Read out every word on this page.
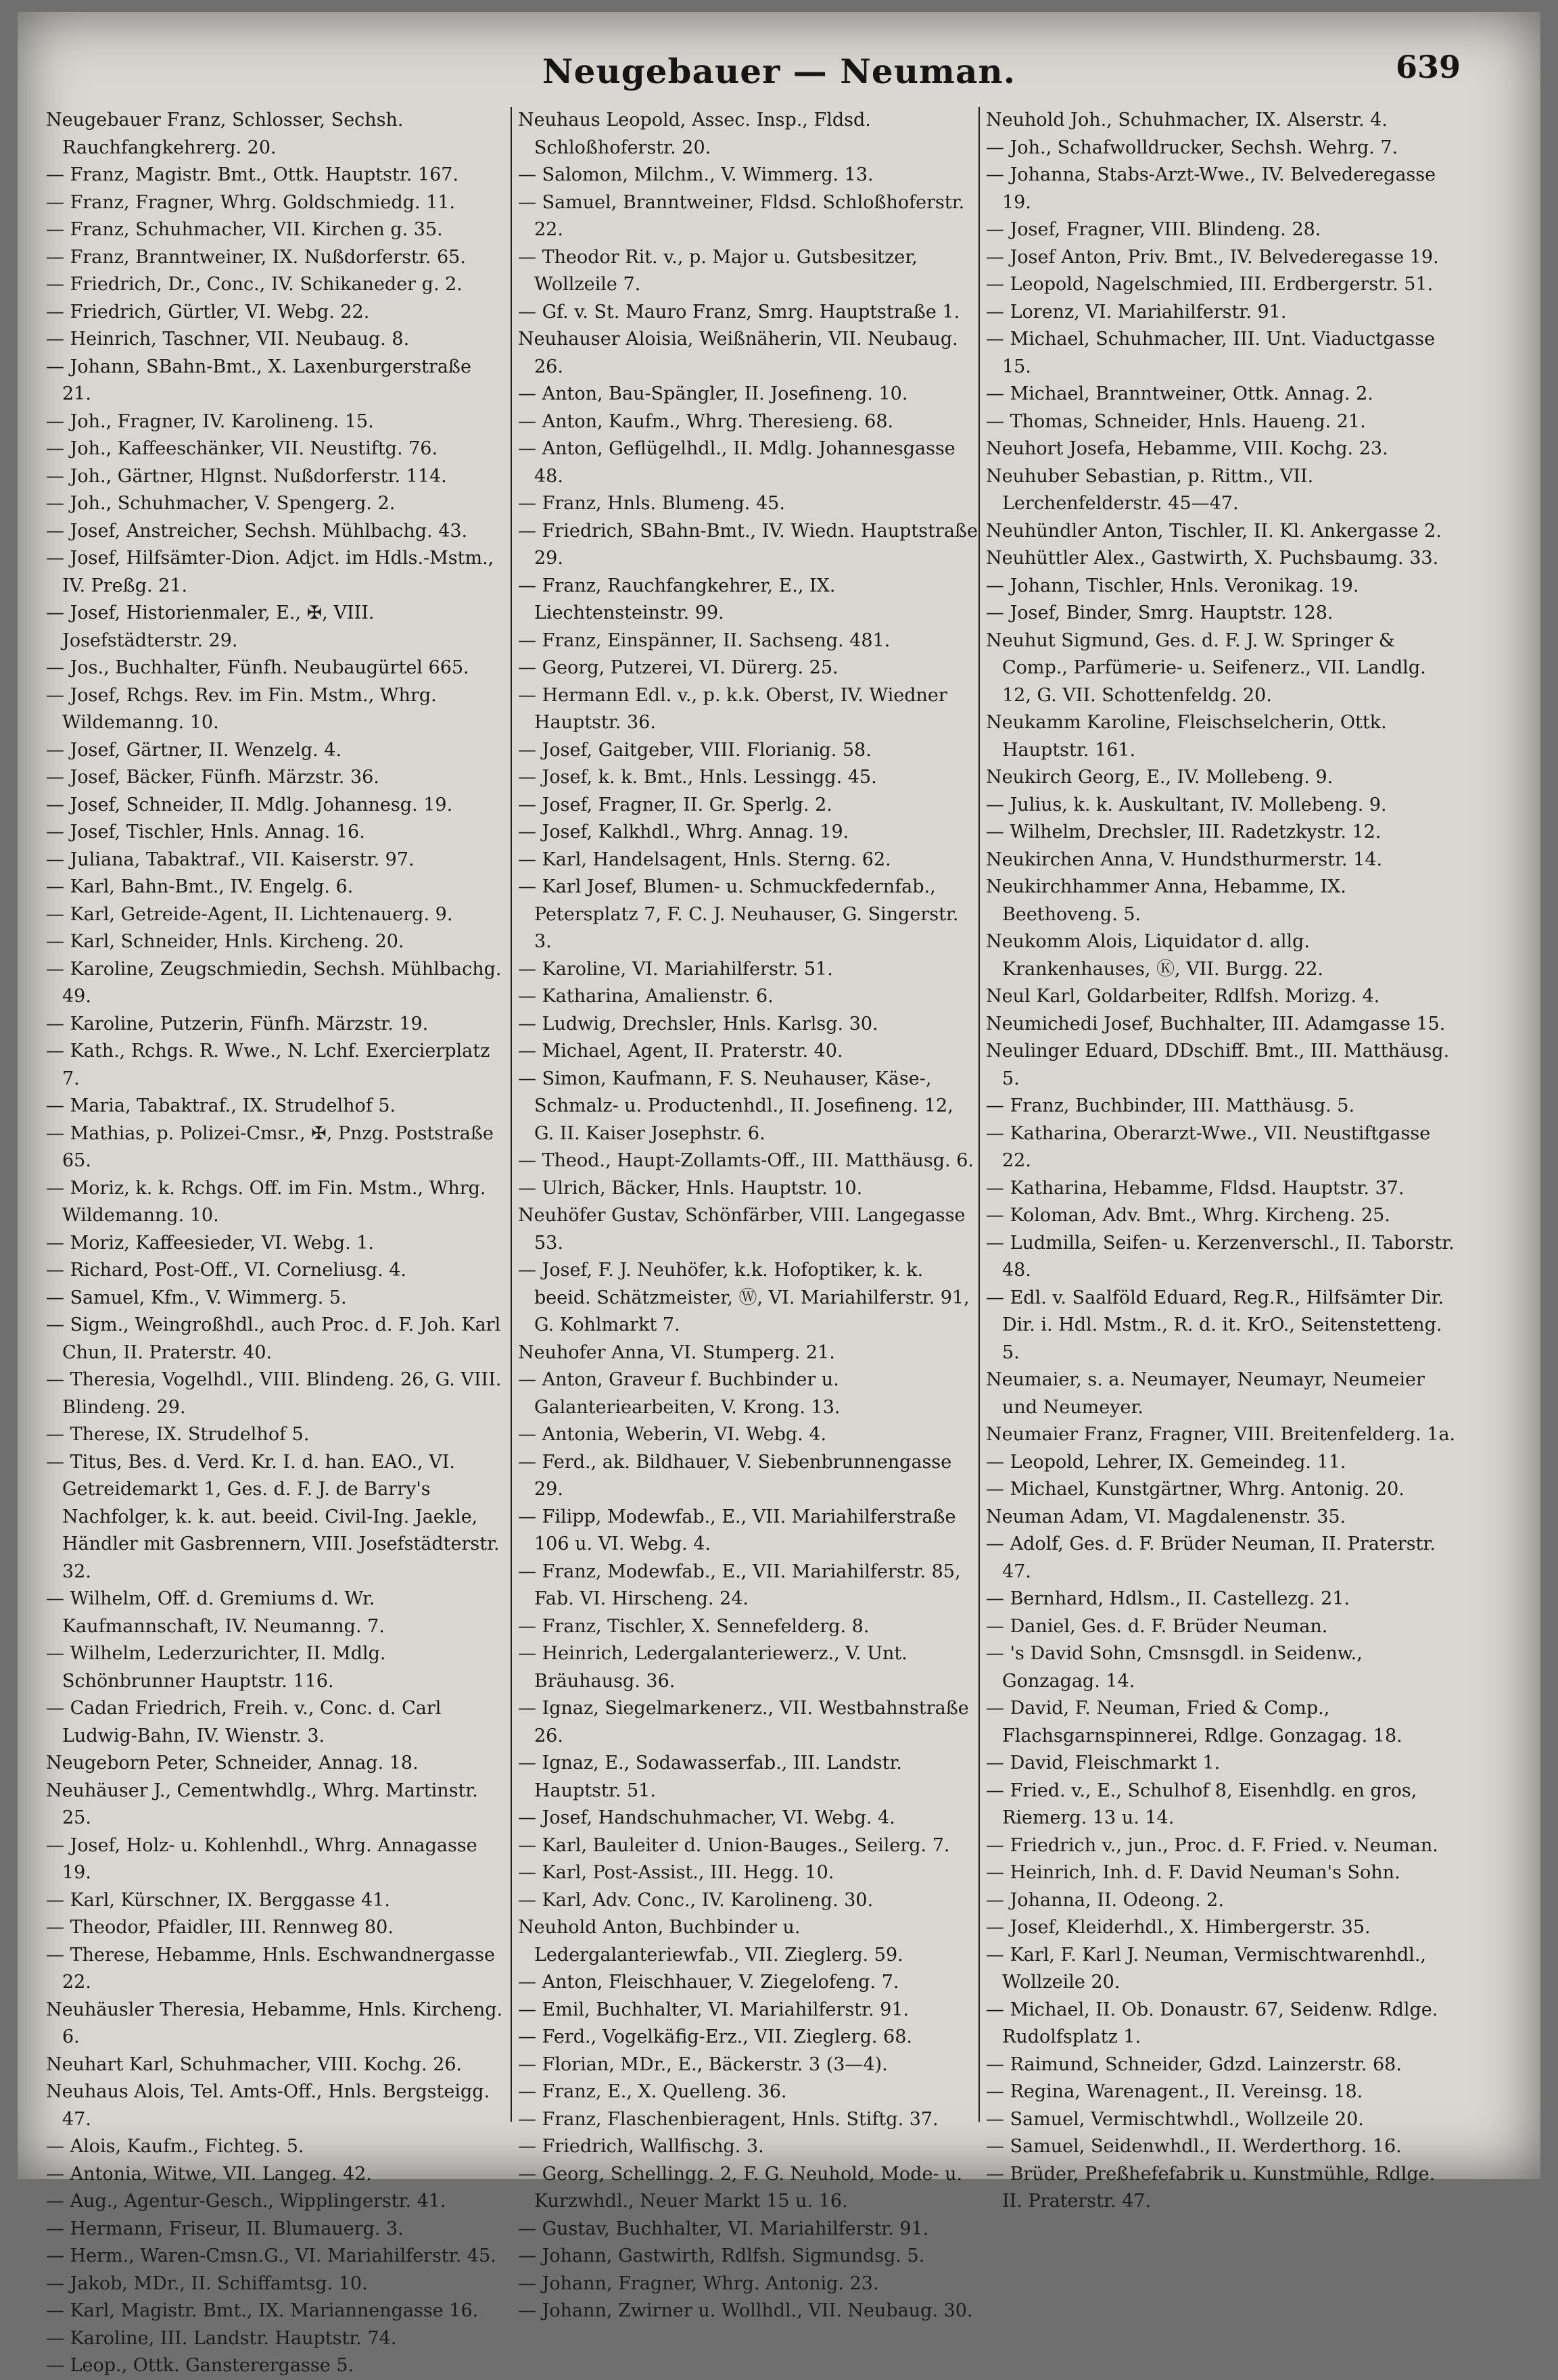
Neugebauer — Neuman.	639

Neugebauer Franz, Schlosser, Sechsh. Rauchfangkehrerg. 20.

— Franz, Magistr. Bmt., Ottk. Hauptstr. 167.

— Franz, Fragner, Whrg. Goldschmiedg. 11.

— Franz, Schuhmacher, VII. Kirchen g. 35.

— Franz, Branntweiner, IX. Nußdorferstr. 65.

— Friedrich, Dr., Conc., IV. Schikaneder g. 2.

— Friedrich, Gürtler, VI. Webg. 22.

— Heinrich, Taschner, VII. Neubaug. 8.

— Johann, SBahn-Bmt., X. Laxenburgerstraße 21.

— Joh., Fragner, IV. Karolineng. 15.

— Joh., Kaffeeschänker, VII. Neustiftg. 76.

— Joh., Gärtner, Hlgnst. Nußdorferstr. 114.

— Joh., Schuhmacher, V. Spengerg. 2.

— Josef, Anstreicher, Sechsh. Mühlbachg. 43.

— Josef, Hilfsämter-Dion. Adjct. im Hdls.-Mstm., IV. Preßg. 21.

— Josef, Historienmaler, E., ✠, VIII. Josefstädterstr. 29.

— Jos., Buchhalter, Fünfh. Neubaugürtel 665.

— Josef, Rchgs. Rev. im Fin. Mstm., Whrg. Wildemanng. 10.

— Josef, Gärtner, II. Wenzelg. 4.

— Josef, Bäcker, Fünfh. Märzstr. 36.

— Josef, Schneider, II. Mdlg. Johannesg. 19.

— Josef, Tischler, Hnls. Annag. 16.

— Juliana, Tabaktraf., VII. Kaiserstr. 97.

— Karl, Bahn-Bmt., IV. Engelg. 6.

— Karl, Getreide-Agent, II. Lichtenauerg. 9.

— Karl, Schneider, Hnls. Kircheng. 20.

— Karoline, Zeugschmiedin, Sechsh. Mühlbachg. 49.

— Karoline, Putzerin, Fünfh. Märzstr. 19.

— Kath., Rchgs. R. Wwe., N. Lchf. Exercierplatz 7.

— Maria, Tabaktraf., IX. Strudelhof 5.

— Mathias, p. Polizei-Cmsr., ✠, Pnzg. Poststraße 65.

— Moriz, k. k. Rchgs. Off. im Fin. Mstm., Whrg. Wildemanng. 10.

— Moriz, Kaffeesieder, VI. Webg. 1.

— Richard, Post-Off., VI. Corneliusg. 4.

— Samuel, Kfm., V. Wimmerg. 5.

— Sigm., Weingroßhdl., auch Proc. d. F. Joh. Karl Chun, II. Praterstr. 40.

— Theresia, Vogelhdl., VIII. Blindeng. 26, G. VIII. Blindeng. 29.

— Therese, IX. Strudelhof 5.

— Titus, Bes. d. Verd. Kr. I. d. han. EAO., VI. Getreidemarkt 1, Ges. d. F. J. de Barry's Nachfolger, k. k. aut. beeid. Civil-Ing. Jaekle, Händler mit Gasbrennern, VIII. Josefstädterstr. 32.

— Wilhelm, Off. d. Gremiums d. Wr. Kaufmannschaft, IV. Neumanng. 7.

— Wilhelm, Lederzurichter, II. Mdlg. Schönbrunner Hauptstr. 116.

— Cadan Friedrich, Freih. v., Conc. d. Carl Ludwig-Bahn, IV. Wienstr. 3.

Neugeborn Peter, Schneider, Annag. 18.

Neuhäuser J., Cementwhdlg., Whrg. Martinstr. 25.

— Josef, Holz- u. Kohlenhdl., Whrg. Annagasse 19.

— Karl, Kürschner, IX. Berggasse 41.

— Theodor, Pfaidler, III. Rennweg 80.

— Therese, Hebamme, Hnls. Eschwandnergasse 22.

Neuhäusler Theresia, Hebamme, Hnls. Kircheng. 6.

Neuhart Karl, Schuhmacher, VIII. Kochg. 26.

Neuhaus Alois, Tel. Amts-Off., Hnls. Bergsteigg. 47.

— Alois, Kaufm., Fichteg. 5.

— Antonia, Witwe, VII. Langeg. 42.

— Aug., Agentur-Gesch., Wipplingerstr. 41.

— Hermann, Friseur, II. Blumauerg. 3.

— Herm., Waren-Cmsn.G., VI. Mariahilferstr. 45.

— Jakob, MDr., II. Schiffamtsg. 10.

— Karl, Magistr. Bmt., IX. Mariannengasse 16.

— Karoline, III. Landstr. Hauptstr. 74.

— Leop., Ottk. Gansterergasse 5.

Neuhaus Leopold, Assec. Insp., Fldsd. Schloßhoferstr. 20.

— Salomon, Milchm., V. Wimmerg. 13.

— Samuel, Branntweiner, Fldsd. Schloßhoferstr. 22.

— Theodor Rit. v., p. Major u. Gutsbesitzer, Wollzeile 7.

— Gf. v. St. Mauro Franz, Smrg. Hauptstraße 1.

Neuhauser Aloisia, Weißnäherin, VII. Neubaug. 26.

— Anton, Bau-Spängler, II. Josefineng. 10.

— Anton, Kaufm., Whrg. Theresieng. 68.

— Anton, Geflügelhdl., II. Mdlg. Johannesgasse 48.

— Franz, Hnls. Blumeng. 45.

— Friedrich, SBahn-Bmt., IV. Wiedn. Hauptstraße 29.

— Franz, Rauchfangkehrer, E., IX. Liechtensteinstr. 99.

— Franz, Einspänner, II. Sachseng. 481.

— Georg, Putzerei, VI. Dürerg. 25.

— Hermann Edl. v., p. k.k. Oberst, IV. Wiedner Hauptstr. 36.

— Josef, Gaitgeber, VIII. Florianig. 58.

— Josef, k. k. Bmt., Hnls. Lessingg. 45.

— Josef, Fragner, II. Gr. Sperlg. 2.

— Josef, Kalkhdl., Whrg. Annag. 19.

— Karl, Handelsagent, Hnls. Sterng. 62.

— Karl Josef, Blumen- u. Schmuckfedernfab., Petersplatz 7, F. C. J. Neuhauser, G. Singerstr. 3.

— Karoline, VI. Mariahilferstr. 51.

— Katharina, Amalienstr. 6.

— Ludwig, Drechsler, Hnls. Karlsg. 30.

— Michael, Agent, II. Praterstr. 40.

— Simon, Kaufmann, F. S. Neuhauser, Käse-, Schmalz- u. Productenhdl., II. Josefineng. 12, G. II. Kaiser Josephstr. 6.

— Theod., Haupt-Zollamts-Off., III. Matthäusg. 6.

— Ulrich, Bäcker, Hnls. Hauptstr. 10.

Neuhöfer Gustav, Schönfärber, VIII. Langegasse 53.

— Josef, F. J. Neuhöfer, k.k. Hofoptiker, k. k. beeid. Schätzmeister, Ⓦ, VI. Mariahilferstr. 91, G. Kohlmarkt 7.

Neuhofer Anna, VI. Stumperg. 21.

— Anton, Graveur f. Buchbinder u. Galanteriearbeiten, V. Krong. 13.

— Antonia, Weberin, VI. Webg. 4.

— Ferd., ak. Bildhauer, V. Siebenbrunnengasse 29.

— Filipp, Modewfab., E., VII. Mariahilferstraße 106 u. VI. Webg. 4.

— Franz, Modewfab., E., VII. Mariahilferstr. 85, Fab. VI. Hirscheng. 24.

— Franz, Tischler, X. Sennefelderg. 8.

— Heinrich, Ledergalanteriewerz., V. Unt. Bräuhausg. 36.

— Ignaz, Siegelmarkenerz., VII. Westbahnstraße 26.

— Ignaz, E., Sodawasserfab., III. Landstr. Hauptstr. 51.

— Josef, Handschuhmacher, VI. Webg. 4.

— Karl, Bauleiter d. Union-Bauges., Seilerg. 7.

— Karl, Post-Assist., III. Hegg. 10.

— Karl, Adv. Conc., IV. Karolineng. 30.

Neuhold Anton, Buchbinder u. Ledergalanteriewfab., VII. Zieglerg. 59.

— Anton, Fleischhauer, V. Ziegelofeng. 7.

— Emil, Buchhalter, VI. Mariahilferstr. 91.

— Ferd., Vogelkäfig-Erz., VII. Zieglerg. 68.

— Florian, MDr., E., Bäckerstr. 3 (3—4).

— Franz, E., X. Quelleng. 36.

— Franz, Flaschenbieragent, Hnls. Stiftg. 37.

— Friedrich, Wallfischg. 3.

— Georg, Schellingg. 2, F. G. Neuhold, Mode- u. Kurzwhdl., Neuer Markt 15 u. 16.

— Gustav, Buchhalter, VI. Mariahilferstr. 91.

— Johann, Gastwirth, Rdlfsh. Sigmundsg. 5.

— Johann, Fragner, Whrg. Antonig. 23.

— Johann, Zwirner u. Wollhdl., VII. Neubaug. 30.

Neuhold Joh., Schuhmacher, IX. Alserstr. 4.

— Joh., Schafwolldrucker, Sechsh. Wehrg. 7.

— Johanna, Stabs-Arzt-Wwe., IV. Belvederegasse 19.

— Josef, Fragner, VIII. Blindeng. 28.

— Josef Anton, Priv. Bmt., IV. Belvederegasse 19.

— Leopold, Nagelschmied, III. Erdbergerstr. 51.

— Lorenz, VI. Mariahilferstr. 91.

— Michael, Schuhmacher, III. Unt. Viaductgasse 15.

— Michael, Branntweiner, Ottk. Annag. 2.

— Thomas, Schneider, Hnls. Haueng. 21.

Neuhort Josefa, Hebamme, VIII. Kochg. 23.

Neuhuber Sebastian, p. Rittm., VII. Lerchenfelderstr. 45—47.

Neuhündler Anton, Tischler, II. Kl. Ankergasse 2.

Neuhüttler Alex., Gastwirth, X. Puchsbaumg. 33.

— Johann, Tischler, Hnls. Veronikag. 19.

— Josef, Binder, Smrg. Hauptstr. 128.

Neuhut Sigmund, Ges. d. F. J. W. Springer & Comp., Parfümerie- u. Seifenerz., VII. Landlg. 12, G. VII. Schottenfeldg. 20.

Neukamm Karoline, Fleischselcherin, Ottk. Hauptstr. 161.

Neukirch Georg, E., IV. Mollebeng. 9.

— Julius, k. k. Auskultant, IV. Mollebeng. 9.

— Wilhelm, Drechsler, III. Radetzkystr. 12.

Neukirchen Anna, V. Hundsthurmerstr. 14.

Neukirchhammer Anna, Hebamme, IX. Beethoveng. 5.

Neukomm Alois, Liquidator d. allg. Krankenhauses, Ⓚ, VII. Burgg. 22.

Neul Karl, Goldarbeiter, Rdlfsh. Morizg. 4.

Neumichedi Josef, Buchhalter, III. Adamgasse 15.

Neulinger Eduard, DDschiff. Bmt., III. Matthäusg. 5.

— Franz, Buchbinder, III. Matthäusg. 5.

— Katharina, Oberarzt-Wwe., VII. Neustiftgasse 22.

— Katharina, Hebamme, Fldsd. Hauptstr. 37.

— Koloman, Adv. Bmt., Whrg. Kircheng. 25.

— Ludmilla, Seifen- u. Kerzenverschl., II. Taborstr. 48.

— Edl. v. Saalföld Eduard, Reg.R., Hilfsämter Dir. Dir. i. Hdl. Mstm., R. d. it. KrO., Seitenstetteng. 5.

Neumaier, s. a. Neumayer, Neumayr, Neumeier und Neumeyer.

Neumaier Franz, Fragner, VIII. Breitenfelderg. 1a.

— Leopold, Lehrer, IX. Gemeindeg. 11.

— Michael, Kunstgärtner, Whrg. Antonig. 20.

Neuman Adam, VI. Magdalenenstr. 35.

— Adolf, Ges. d. F. Brüder Neuman, II. Praterstr. 47.

— Bernhard, Hdlsm., II. Castellezg. 21.

— Daniel, Ges. d. F. Brüder Neuman.

— 's David Sohn, Cmsnsgdl. in Seidenw., Gonzagag. 14.

— David, F. Neuman, Fried & Comp., Flachsgarnspinnerei, Rdlge. Gonzagag. 18.

— David, Fleischmarkt 1.

— Fried. v., E., Schulhof 8, Eisenhdlg. en gros, Riemerg. 13 u. 14.

— Friedrich v., jun., Proc. d. F. Fried. v. Neuman.

— Heinrich, Inh. d. F. David Neuman's Sohn.

— Johanna, II. Odeong. 2.

— Josef, Kleiderhdl., X. Himbergerstr. 35.

— Karl, F. Karl J. Neuman, Vermischtwarenhdl., Wollzeile 20.

— Michael, II. Ob. Donaustr. 67, Seidenw. Rdlge. Rudolfsplatz 1.

— Raimund, Schneider, Gdzd. Lainzerstr. 68.

— Regina, Warenagent., II. Vereinsg. 18.

— Samuel, Vermischtwhdl., Wollzeile 20.

— Samuel, Seidenwhdl., II. Werderthorg. 16.

— Brüder, Preßhefefabrik u. Kunstmühle, Rdlge. II. Praterstr. 47.
